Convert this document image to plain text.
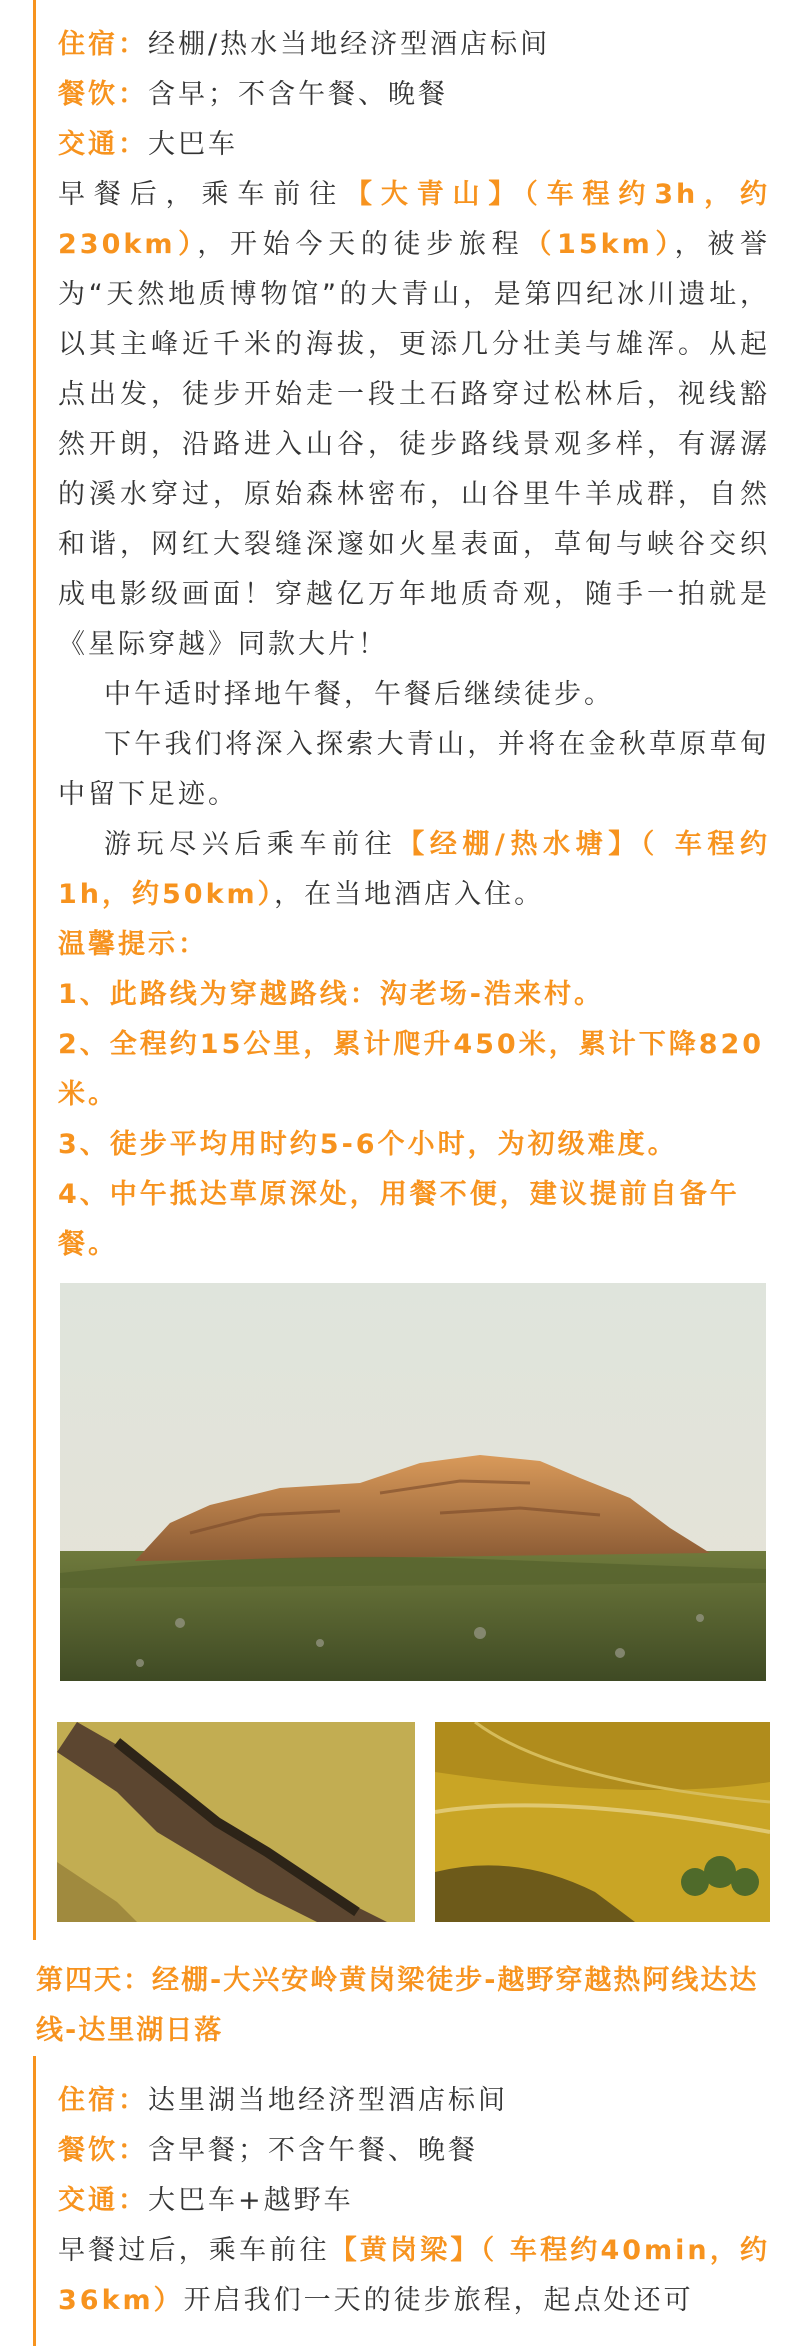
住宿：经棚/热水当地经济型酒店标间
餐饮：含早；不含午餐、晚餐
交通：大巴车

早餐后，乘车前往【大青山】（车程约3h，约230km），开始今天的徒步旅程（15km），被誉为“天然地质博物馆”的大青山，是第四纪冰川遗址，以其主峰近千米的海拔，更添几分壮美与雄浑。从起点出发，徒步开始走一段土石路穿过松林后，视线豁然开朗，沿路进入山谷，徒步路线景观多样，有潺潺的溪水穿过，原始森林密布，山谷里牛羊成群，自然和谐，网红大裂缝深邃如火星表面，草甸与峡谷交织成电影级画面！穿越亿万年地质奇观，随手一拍就是《星际穿越》同款大片！

中午适时择地午餐，午餐后继续徒步。

下午我们将深入探索大青山，并将在金秋草原草甸中留下足迹。

游玩尽兴后乘车前往【经棚/热水塘】（ 车程约1h，约50km），在当地酒店入住。

温馨提示：

1、此路线为穿越路线：沟老场-浩来村。

2、全程约15公里，累计爬升450米，累计下降820米。

3、徒步平均用时约5-6个小时，为初级难度。

4、中午抵达草原深处，用餐不便，建议提前自备午餐。

第四天：经棚-大兴安岭黄岗梁徒步-越野穿越热阿线达达线-达里湖日落

住宿：达里湖当地经济型酒店标间
餐饮：含早餐；不含午餐、晚餐
交通：大巴车+越野车

早餐过后，乘车前往【黄岗梁】（ 车程约40min，约36km）开启我们一天的徒步旅程，起点处还可
